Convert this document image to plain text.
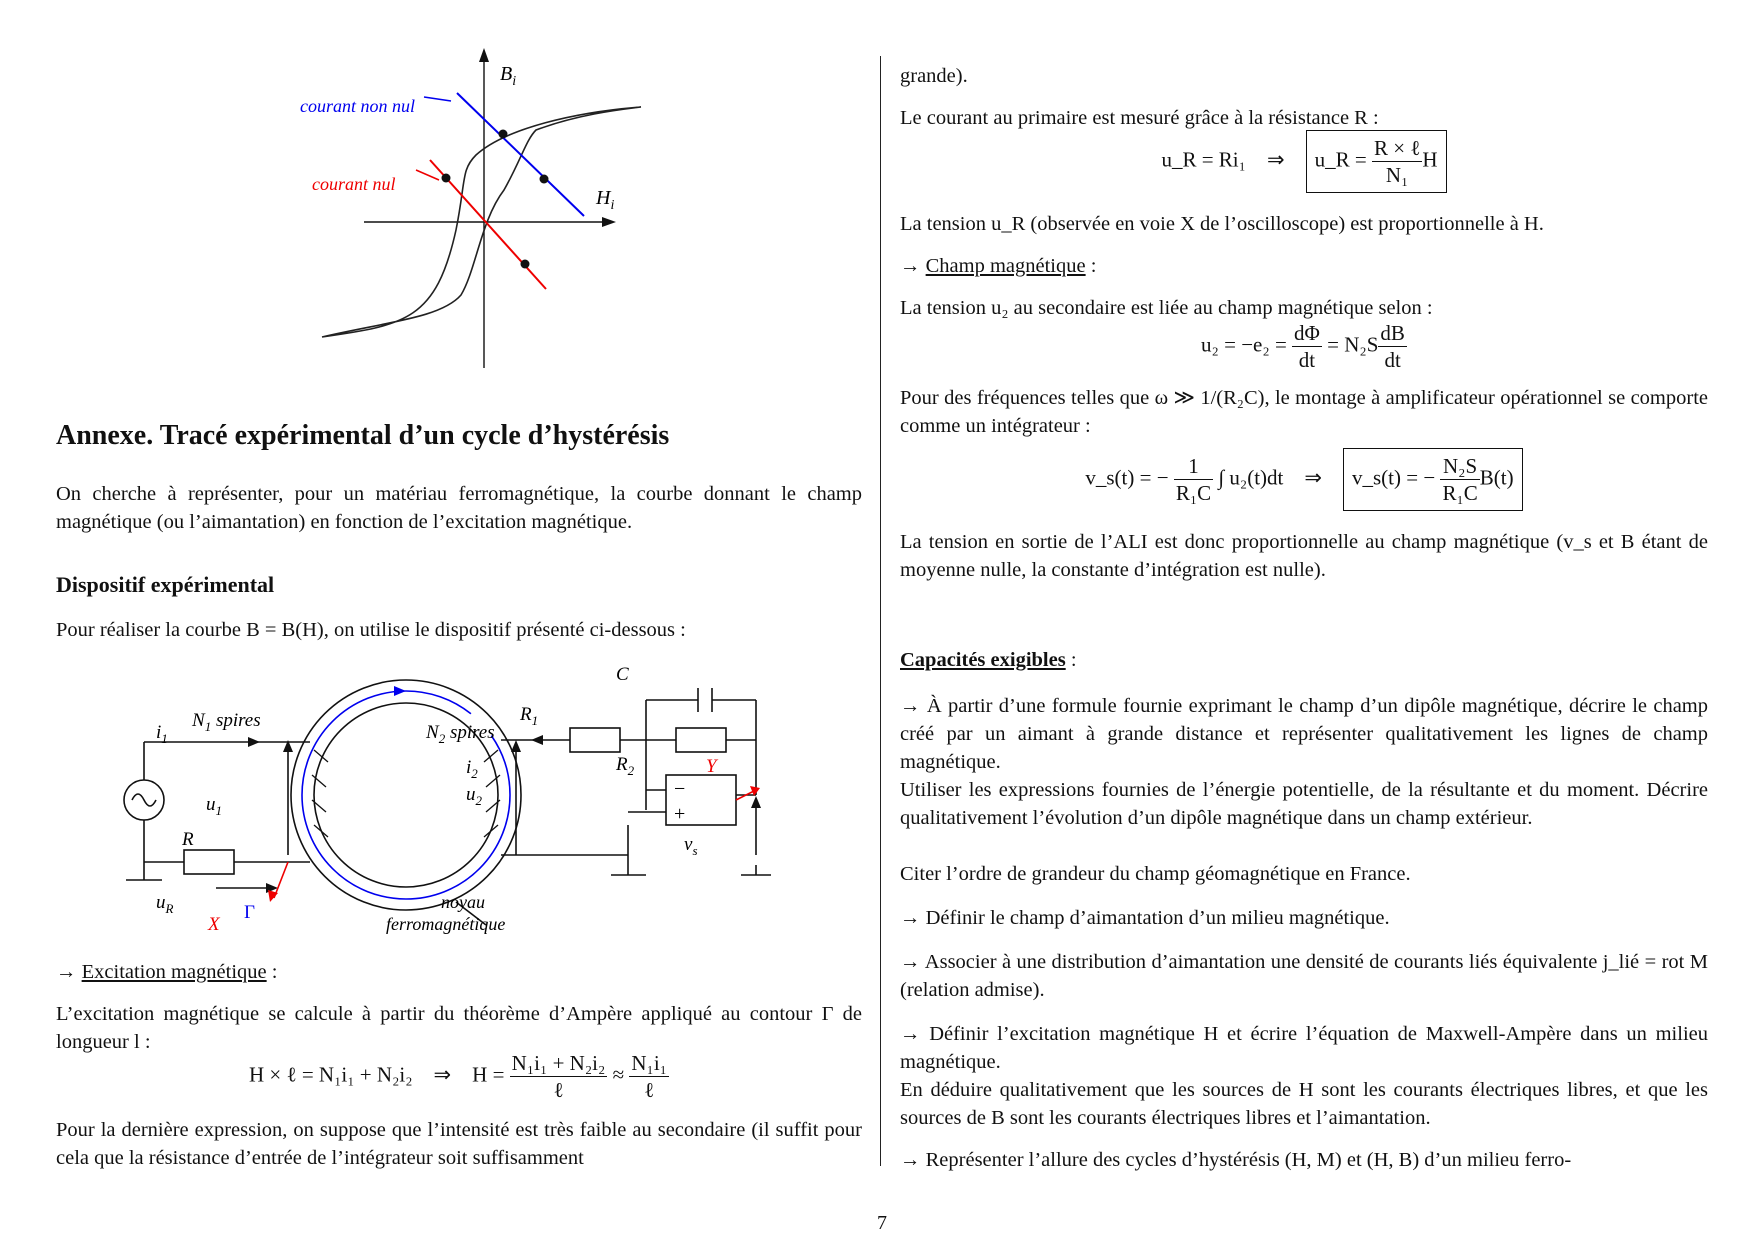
$B_i$
$H_i$
courant non nul
courant nul
Annexe. Tracé expérimental d’un cycle d’hystérésis

On cherche à représenter, pour un matériau ferromagnétique, la courbe donnant le champ magnétique (ou l’aimantation) en fonction de l’excitation magnétique.

Dispositif expérimental

Pour réaliser la courbe B = B(H), on utilise le dispositif présenté ci-dessous :

$i_1$
$N_1$ spires
$N_2$ spires
$u_1$
$u_2$
$i_2$
R
$R_1$
$R_2$
C
$u_R$
X
Y
Γ
$v_s$
−
+
noyau
ferromagnétique

→ Excitation magnétique :

L’excitation magnétique se calcule à partir du théorème d’Ampère appliqué au contour Γ de longueur l :

H × ℓ = N₁i₁ + N₂i₂ ⇒ $H = \frac{\text{N₁i₁ + N₂i₂}}{\text{ℓ}} \approx \frac{\text{N₁i₁}}{\text{ℓ}}$

Pour la dernière expression, on suppose que l’intensité est très faible au secondaire (il suffit pour cela que la résistance d’entrée de l’intégrateur soit suffisamment

grande).

Le courant au primaire est mesuré grâce à la résistance R :

u_R = Ri₁ ⇒ u_R = $\frac{\text{R × ℓ}}{\text{N₁}}$ H

La tension u_R (observée en voie X de l’oscilloscope) est proportionnelle à H.

→ Champ magnétique :

La tension u₂ au secondaire est liée au champ magnétique selon :

$u_2 = -e_2 = \frac{d\Phi}{dt} = N_2S \frac{dB}{dt}$

Pour des fréquences telles que ω ≫ 1/(R₂C), le montage à amplificateur opérationnel se comporte comme un intégrateur :

v_s(t) = − $\frac{1}{\text{R₁C}}$ ∫ u₂(t)dt ⇒ v_s(t) = − $\frac{\text{N₂S}}{\text{R₁C}} B(t)$

La tension en sortie de l’ALI est donc proportionnelle au champ magnétique (v_s et B étant de moyenne nulle, la constante d’intégration est nulle).

Capacités exigibles :

→ À partir d’une formule fournie exprimant le champ d’un dipôle magnétique, décrire le champ créé par un aimant à grande distance et représenter qualitativement les lignes de champ magnétique.

Utiliser les expressions fournies de l’énergie potentielle, de la résultante et du moment. Décrire qualitativement l’évolution d’un dipôle magnétique dans un champ extérieur.

Citer l’ordre de grandeur du champ géomagnétique en France.

→ Définir le champ d’aimantation d’un milieu magnétique.

→ Associer à une distribution d’aimantation une densité de courants liés équivalente j_lié = rot M (relation admise).

→ Définir l’excitation magnétique H et écrire l’équation de Maxwell-Ampère dans un milieu magnétique.

En déduire qualitativement que les sources de H sont les courants électriques libres, et que les sources de B sont les courants électriques libres et l’aimantation.

→ Représenter l’allure des cycles d’hystérésis (H, M) et (H, B) d’un milieu ferro-

7
